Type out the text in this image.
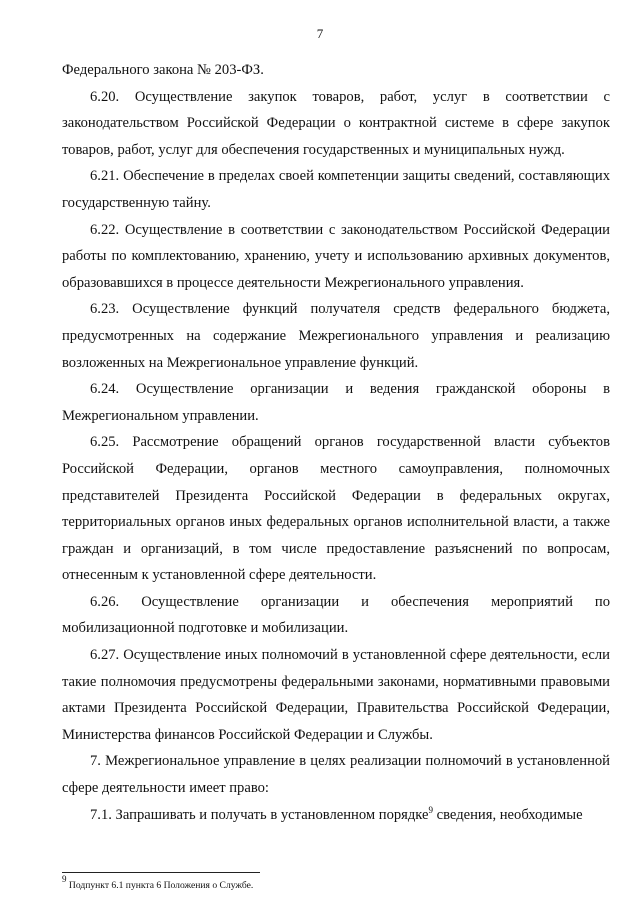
7

Федерального закона № 203-ФЗ.

6.20. Осуществление закупок товаров, работ, услуг в соответствии с законодательством Российской Федерации о контрактной системе в сфере закупок товаров, работ, услуг для обеспечения государственных и муниципальных нужд.

6.21. Обеспечение в пределах своей компетенции защиты сведений, составляющих государственную тайну.

6.22. Осуществление в соответствии с законодательством Российской Федерации работы по комплектованию, хранению, учету и использованию архивных документов, образовавшихся в процессе деятельности Межрегионального управления.

6.23. Осуществление функций получателя средств федерального бюджета, предусмотренных на содержание Межрегионального управления и реализацию возложенных на Межрегиональное управление функций.

6.24. Осуществление организации и ведения гражданской обороны в Межрегиональном управлении.

6.25. Рассмотрение обращений органов государственной власти субъектов Российской Федерации, органов местного самоуправления, полномочных представителей Президента Российской Федерации в федеральных округах, территориальных органов иных федеральных органов исполнительной власти, а также граждан и организаций, в том числе предоставление разъяснений по вопросам, отнесенным к установленной сфере деятельности.

6.26. Осуществление организации и обеспечения мероприятий по мобилизационной подготовке и мобилизации.

6.27. Осуществление иных полномочий в установленной сфере деятельности, если такие полномочия предусмотрены федеральными законами, нормативными правовыми актами Президента Российской Федерации, Правительства Российской Федерации, Министерства финансов Российской Федерации и Службы.

7. Межрегиональное управление в целях реализации полномочий в установленной сфере деятельности имеет право:

7.1. Запрашивать и получать в установленном порядке$^9$ сведения, необходимые

$^9$ Подпункт 6.1 пункта 6 Положения о Службе.
